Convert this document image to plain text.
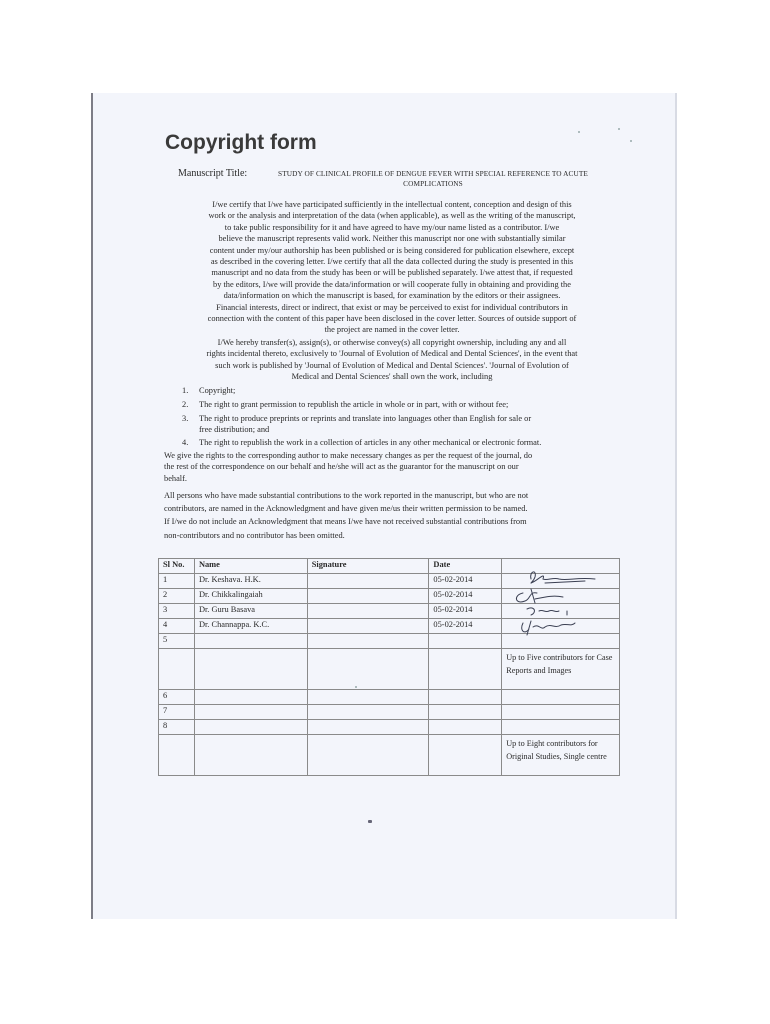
Copyright form
Manuscript Title:	STUDY OF CLINICAL PROFILE OF DENGUE FEVER WITH SPECIAL REFERENCE TO ACUTE COMPLICATIONS
I/we certify that I/we have participated sufficiently in the intellectual content, conception and design of this
work or the analysis and interpretation of the data (when applicable), as well as the writing of the manuscript,
to take public responsibility for it and have agreed to have my/our name listed as a contributor. I/we
believe the manuscript represents valid work. Neither this manuscript nor one with substantially similar
content under my/our authorship has been published or is being considered for publication elsewhere, except
as described in the covering letter. I/we certify that all the data collected during the study is presented in this
manuscript and no data from the study has been or will be published separately. I/we attest that, if requested
by the editors, I/we will provide the data/information or will cooperate fully in obtaining and providing the
data/information on which the manuscript is based, for examination by the editors or their assignees.
Financial interests, direct or indirect, that exist or may be perceived to exist for individual contributors in
connection with the content of this paper have been disclosed in the cover letter. Sources of outside support of
the project are named in the cover letter.
I/We hereby transfer(s), assign(s), or otherwise convey(s) all copyright ownership, including any and all
rights incidental thereto, exclusively to 'Journal of Evolution of Medical and Dental Sciences', in the event that
such work is published by 'Journal of Evolution of Medical and Dental Sciences'. 'Journal of Evolution of
Medical and Dental Sciences' shall own the work, including
1. Copyright;
2. The right to grant permission to republish the article in whole or in part, with or without fee;
3. The right to produce preprints or reprints and translate into languages other than English for sale or
free distribution; and
4. The right to republish the work in a collection of articles in any other mechanical or electronic format.
We give the rights to the corresponding author to make necessary changes as per the request of the journal, do
the rest of the correspondence on our behalf and he/she will act as the guarantor for the manuscript on our
behalf.
All persons who have made substantial contributions to the work reported in the manuscript, but who are not
contributors, are named in the Acknowledgment and have given me/us their written permission to be named.
If I/we do not include an Acknowledgment that means I/we have not received substantial contributions from
non-contributors and no contributor has been omitted.
Sl No.	Name	Signature	Date	
1	Dr. Keshava. H.K.		05-02-2014	
2	Dr. Chikkalingaiah		05-02-2014	
3	Dr. Guru Basava		05-02-2014	
4	Dr. Channappa. K.C.		05-02-2014	
5				
				Up to Five contributors for Case Reports and Images
6				
7				
8				
				Up to Eight contributors for Original Studies, Single centre
